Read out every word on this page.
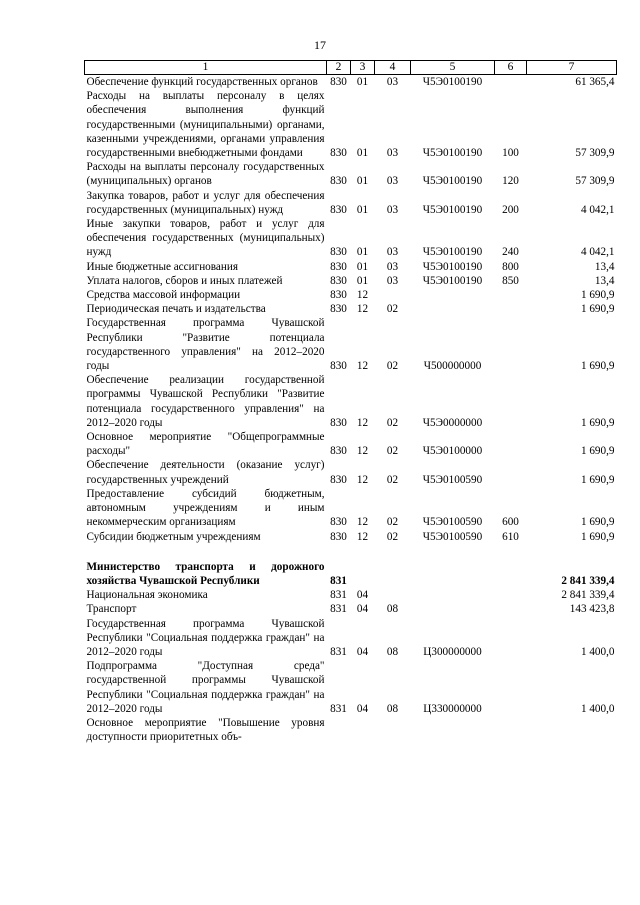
17
1	2	3	4	5	6	7
Обеспечение функций государственных органов	830	01	03	Ч5Э0100190		61 365,4
Расходы на выплаты персоналу в целях обеспечения выполнения функций государственными (муниципальными) органами, казенными учреждениями, органами управления государственными внебюджетными фондами	830	01	03	Ч5Э0100190	100	57 309,9
Расходы на выплаты персоналу государственных (муниципальных) органов	830	01	03	Ч5Э0100190	120	57 309,9
Закупка товаров, работ и услуг для обеспечения государственных (муниципальных) нужд	830	01	03	Ч5Э0100190	200	4 042,1
Иные закупки товаров, работ и услуг для обеспечения государственных (муниципальных) нужд	830	01	03	Ч5Э0100190	240	4 042,1
Иные бюджетные ассигнования	830	01	03	Ч5Э0100190	800	13,4
Уплата налогов, сборов и иных платежей	830	01	03	Ч5Э0100190	850	13,4
Средства массовой информации	830	12				1 690,9
Периодическая печать и издательства	830	12	02			1 690,9
Государственная программа Чувашской Республики "Развитие потенциала государственного управления" на 2012–2020 годы	830	12	02	Ч500000000		1 690,9
Обеспечение реализации государственной программы Чувашской Республики "Развитие потенциала государственного управления" на 2012–2020 годы	830	12	02	Ч5Э0000000		1 690,9
Основное мероприятие "Общепрограммные расходы"	830	12	02	Ч5Э0100000		1 690,9
Обеспечение деятельности (оказание услуг) государственных учреждений	830	12	02	Ч5Э0100590		1 690,9
Предоставление субсидий бюджетным, автономным учреждениям и иным некоммерческим организациям	830	12	02	Ч5Э0100590	600	1 690,9
Субсидии бюджетным учреждениям	830	12	02	Ч5Э0100590	610	1 690,9

Министерство транспорта и дорожного хозяйства Чувашской Республики	831					2 841 339,4
Национальная экономика	831	04				2 841 339,4
Транспорт	831	04	08			143 423,8
Государственная программа Чувашской Республики "Социальная поддержка граждан" на 2012–2020 годы	831	04	08	Ц300000000		1 400,0
Подпрограмма "Доступная среда" государственной программы Чувашской Республики "Социальная поддержка граждан" на 2012–2020 годы	831	04	08	Ц330000000		1 400,0
Основное мероприятие "Повышение уровня доступности приоритетных объ-						
